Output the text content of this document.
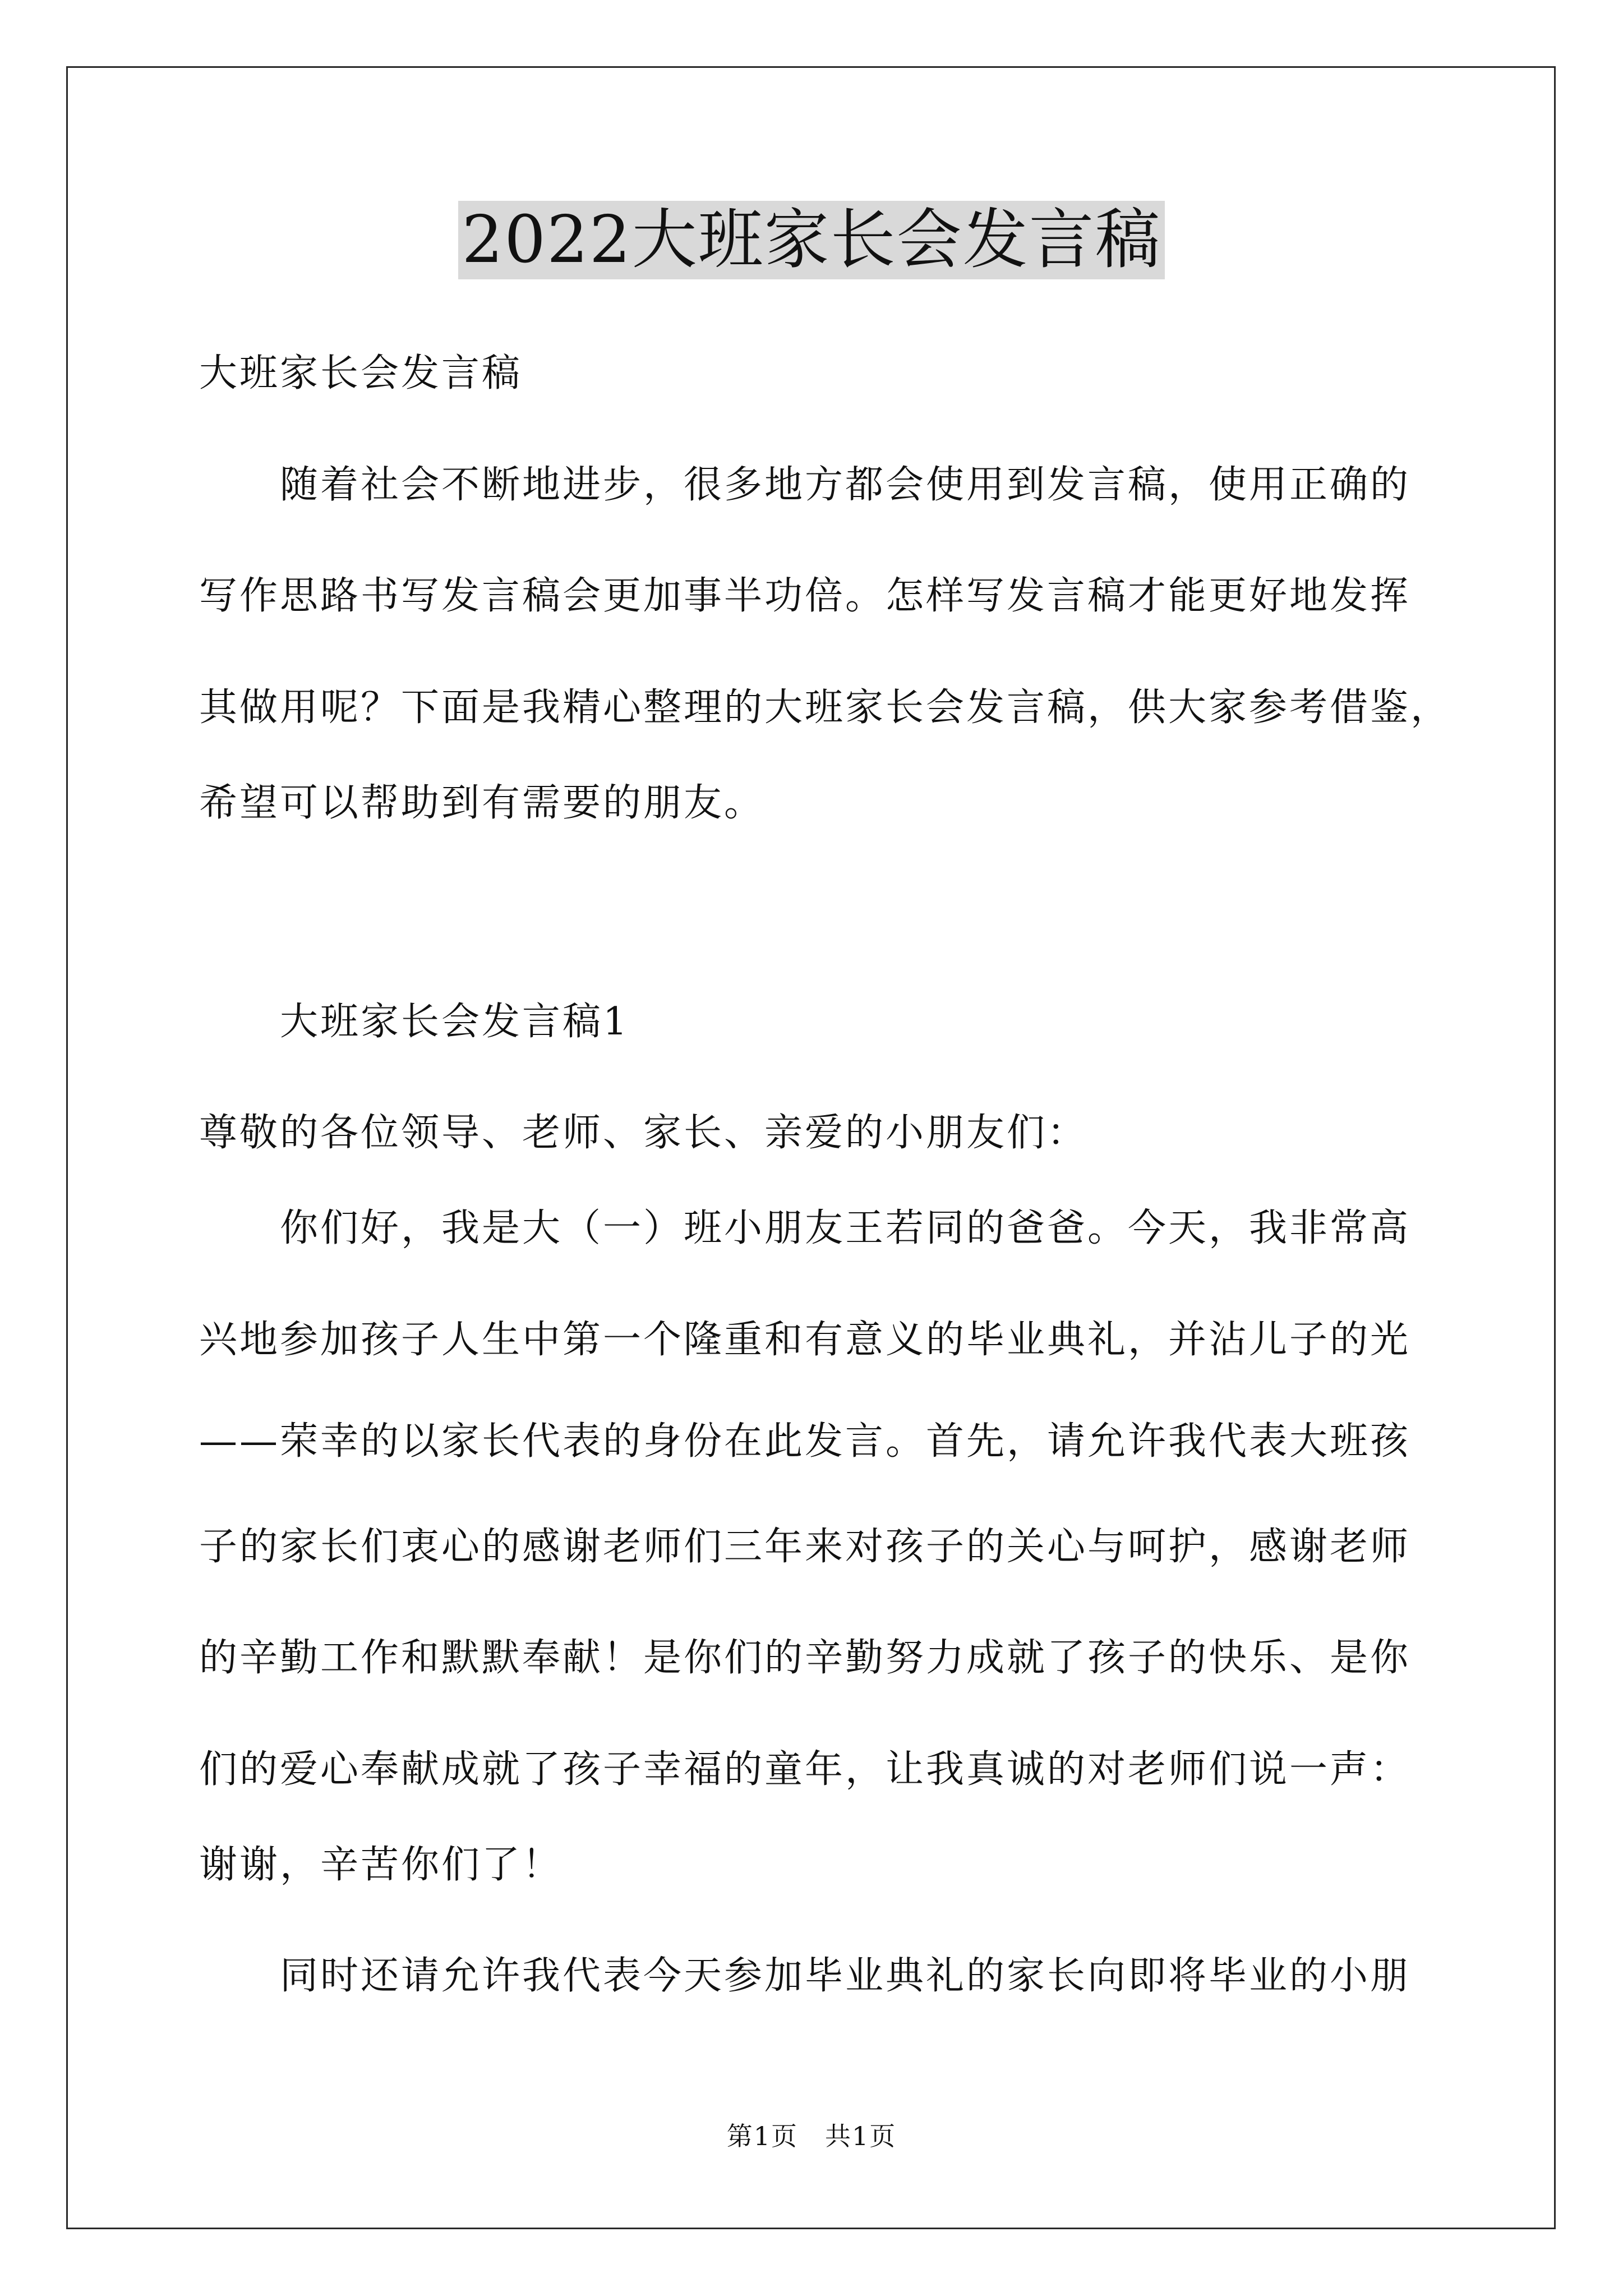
2022大班家长会发言稿
大班家长会发言稿
　　随着社会不断地进步，很多地方都会使用到发言稿，使用正确的
写作思路书写发言稿会更加事半功倍。怎样写发言稿才能更好地发挥
其做用呢？下面是我精心整理的大班家长会发言稿，供大家参考借鉴，
希望可以帮助到有需要的朋友。
　　大班家长会发言稿1
尊敬的各位领导、老师、家长、亲爱的小朋友们：
　　你们好，我是大（一）班小朋友王若同的爸爸。今天，我非常高
兴地参加孩子人生中第一个隆重和有意义的毕业典礼，并沾儿子的光
——荣幸的以家长代表的身份在此发言。首先，请允许我代表大班孩
子的家长们衷心的感谢老师们三年来对孩子的关心与呵护，感谢老师
的辛勤工作和默默奉献！是你们的辛勤努力成就了孩子的快乐、是你
们的爱心奉献成就了孩子幸福的童年，让我真诚的对老师们说一声：
谢谢，辛苦你们了！
　　同时还请允许我代表今天参加毕业典礼的家长向即将毕业的小朋
第1页　共1页
